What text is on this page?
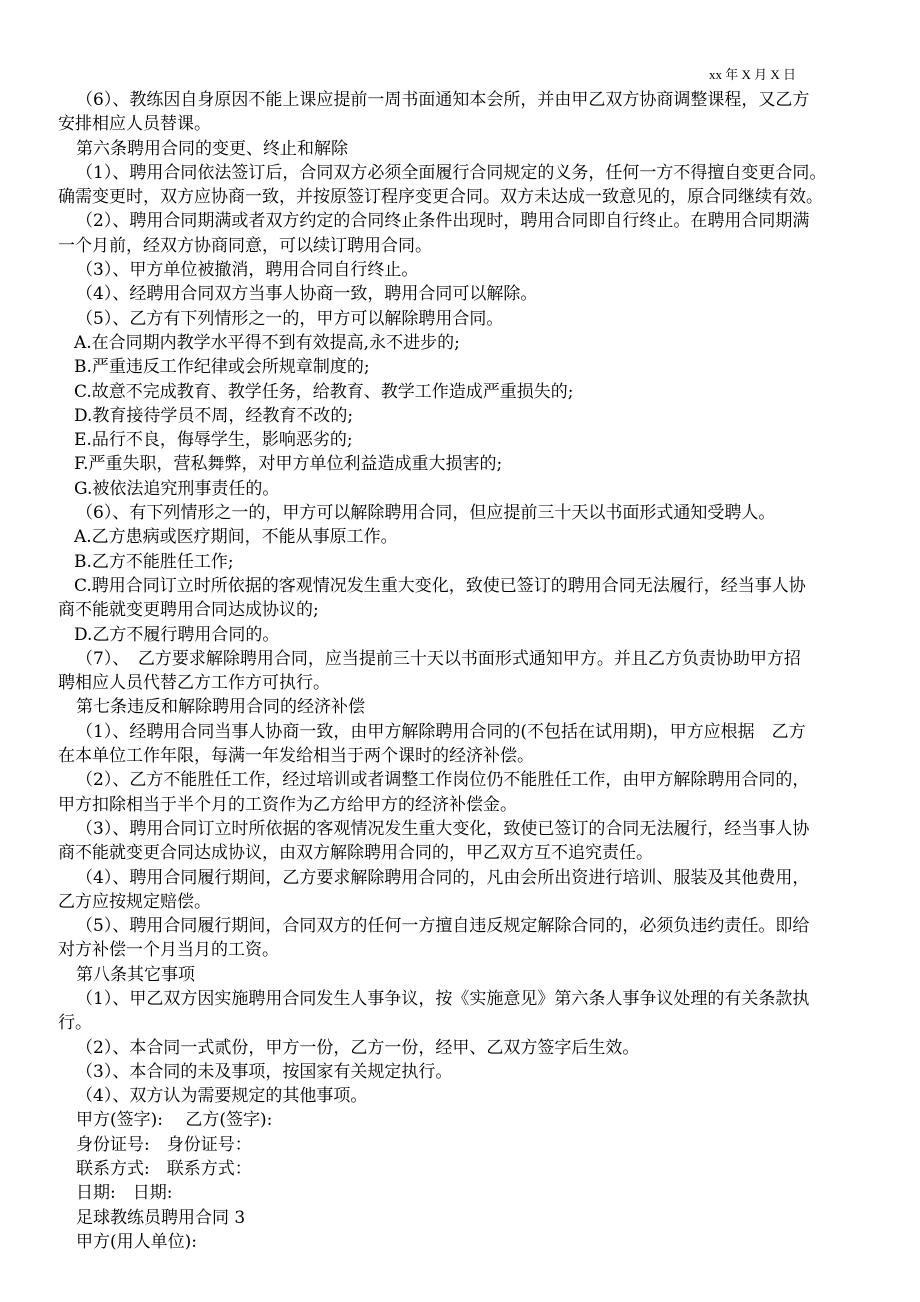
xx 年 X 月 X 日
（6）、教练因自身原因不能上课应提前一周书面通知本会所，并由甲乙双方协商调整课程，又乙方
安排相应人员替课。
第六条聘用合同的变更、终止和解除
（1）、聘用合同依法签订后，合同双方必须全面履行合同规定的义务，任何一方不得擅自变更合同。
确需变更时，双方应协商一致，并按原签订程序变更合同。双方未达成一致意见的，原合同继续有效。
（2）、聘用合同期满或者双方约定的合同终止条件出现时，聘用合同即自行终止。在聘用合同期满
一个月前，经双方协商同意，可以续订聘用合同。
（3）、甲方单位被撤消，聘用合同自行终止。
（4）、经聘用合同双方当事人协商一致，聘用合同可以解除。
（5）、乙方有下列情形之一的，甲方可以解除聘用合同。
A.在合同期内教学水平得不到有效提高,永不进步的;
B.严重违反工作纪律或会所规章制度的;
C.故意不完成教育、教学任务，给教育、教学工作造成严重损失的;
D.教育接待学员不周，经教育不改的;
E.品行不良，侮辱学生，影响恶劣的;
F.严重失职，营私舞弊，对甲方单位利益造成重大损害的;
G.被依法追究刑事责任的。
（6）、有下列情形之一的，甲方可以解除聘用合同，但应提前三十天以书面形式通知受聘人。
A.乙方患病或医疗期间，不能从事原工作。
B.乙方不能胜任工作;
C.聘用合同订立时所依据的客观情况发生重大变化，致使已签订的聘用合同无法履行，经当事人协
商不能就变更聘用合同达成协议的;
D.乙方不履行聘用合同的。
（7）、　乙方要求解除聘用合同，应当提前三十天以书面形式通知甲方。并且乙方负责协助甲方招
聘相应人员代替乙方工作方可执行。
第七条违反和解除聘用合同的经济补偿
（1）、经聘用合同当事人协商一致，由甲方解除聘用合同的(不包括在试用期)，甲方应根据　乙方
在本单位工作年限，每满一年发给相当于两个课时的经济补偿。
（2）、乙方不能胜任工作，经过培训或者调整工作岗位仍不能胜任工作，由甲方解除聘用合同的，
甲方扣除相当于半个月的工资作为乙方给甲方的经济补偿金。
（3）、聘用合同订立时所依据的客观情况发生重大变化，致使已签订的合同无法履行，经当事人协
商不能就变更合同达成协议，由双方解除聘用合同的，甲乙双方互不追究责任。
（4）、聘用合同履行期间，乙方要求解除聘用合同的，凡由会所出资进行培训、服装及其他费用，
乙方应按规定赔偿。
（5）、聘用合同履行期间，合同双方的任何一方擅自违反规定解除合同的，必须负违约责任。即给
对方补偿一个月当月的工资。
第八条其它事项
（1）、甲乙双方因实施聘用合同发生人事争议，按《实施意见》第六条人事争议处理的有关条款执
行。
（2）、本合同一式贰份，甲方一份，乙方一份，经甲、乙双方签字后生效。
（3）、本合同的未及事项，按国家有关规定执行。
（4）、双方认为需要规定的其他事项。
甲方(签字):　 乙方(签字):
身份证号:　身份证号：
联系方式:　联系方式：
日期:　日期:
足球教练员聘用合同 3
甲方(用人单位):
